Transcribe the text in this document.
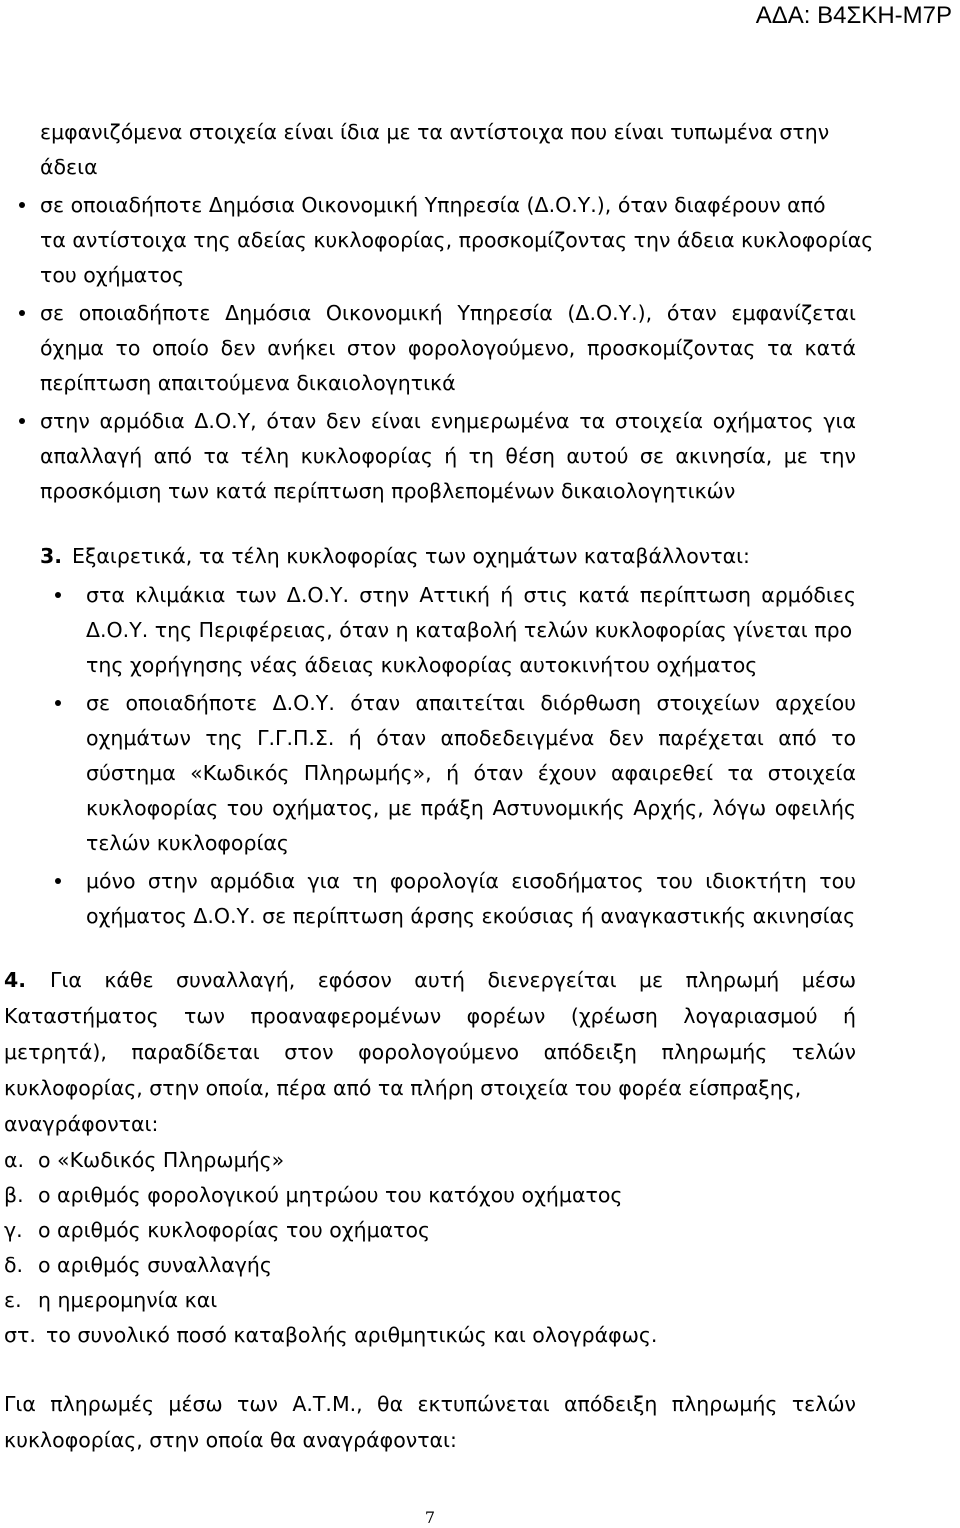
ΑΔΑ: Β4ΣΚΗ-Μ7Ρ
εμφανιζόμενα στοιχεία είναι ίδια με τα αντίστοιχα που είναι τυπωμένα στην
άδεια
σε οποιαδήποτε Δημόσια Οικονομική Υπηρεσία (Δ.Ο.Υ.), όταν διαφέρουν από
τα αντίστοιχα της αδείας κυκλοφορίας, προσκομίζοντας την άδεια κυκλοφορίας
του οχήματος
σε οποιαδήποτε Δημόσια Οικονομική Υπηρεσία (Δ.Ο.Υ.), όταν εμφανίζεται
όχημα το οποίο δεν ανήκει στον φορολογούμενο, προσκομίζοντας τα κατά
περίπτωση απαιτούμενα δικαιολογητικά
στην αρμόδια Δ.Ο.Υ, όταν δεν είναι ενημερωμένα τα στοιχεία οχήματος για
απαλλαγή από τα τέλη κυκλοφορίας ή τη θέση αυτού σε ακινησία, με την
προσκόμιση των κατά περίπτωση προβλεπομένων δικαιολογητικών
3. Εξαιρετικά, τα τέλη κυκλοφορίας των οχημάτων καταβάλλονται:
στα κλιμάκια των Δ.Ο.Υ. στην Αττική ή στις κατά περίπτωση αρμόδιες
Δ.Ο.Υ. της Περιφέρειας, όταν η καταβολή τελών κυκλοφορίας γίνεται προ
της χορήγησης νέας άδειας κυκλοφορίας αυτοκινήτου οχήματος
σε οποιαδήποτε Δ.Ο.Υ. όταν απαιτείται διόρθωση στοιχείων αρχείου
οχημάτων της Γ.Γ.Π.Σ. ή όταν αποδεδειγμένα δεν παρέχεται από το
σύστημα «Κωδικός Πληρωμής», ή όταν έχουν αφαιρεθεί τα στοιχεία
κυκλοφορίας του οχήματος, με πράξη Αστυνομικής Αρχής, λόγω οφειλής
τελών κυκλοφορίας
μόνο στην αρμόδια για τη φορολογία εισοδήματος του ιδιοκτήτη του
οχήματος Δ.Ο.Υ. σε περίπτωση άρσης εκούσιας ή αναγκαστικής ακινησίας
4. Για κάθε συναλλαγή, εφόσον αυτή διενεργείται με πληρωμή μέσω
Καταστήματος των προαναφερομένων φορέων (χρέωση λογαριασμού ή
μετρητά), παραδίδεται στον φορολογούμενο απόδειξη πληρωμής τελών
κυκλοφορίας, στην οποία, πέρα από τα πλήρη στοιχεία του φορέα είσπραξης,
αναγράφονται:
α. ο «Κωδικός Πληρωμής»
β. ο αριθμός φορολογικού μητρώου του κατόχου οχήματος
γ. ο αριθμός κυκλοφορίας του οχήματος
δ. ο αριθμός συναλλαγής
ε. η ημερομηνία και
στ. το συνολικό ποσό καταβολής αριθμητικώς και ολογράφως.
Για πληρωμές μέσω των Α.Τ.Μ., θα εκτυπώνεται απόδειξη πληρωμής τελών
κυκλοφορίας, στην οποία θα αναγράφονται:
7
